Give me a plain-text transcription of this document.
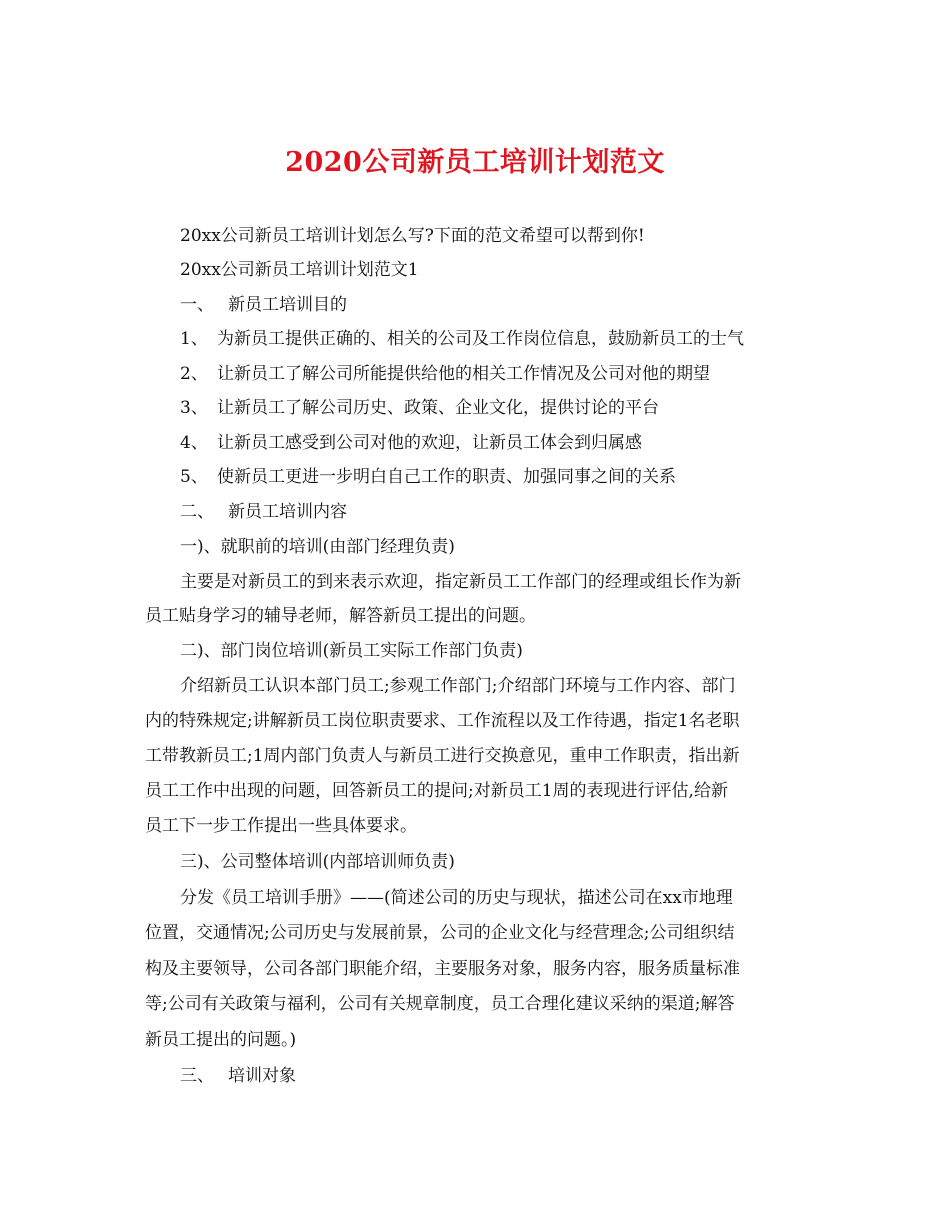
2020公司新员工培训计划范文
20xx公司新员工培训计划怎么写?下面的范文希望可以帮到你!
20xx公司新员工培训计划范文1
一、 新员工培训目的
1、 为新员工提供正确的、相关的公司及工作岗位信息，鼓励新员工的士气
2、 让新员工了解公司所能提供给他的相关工作情况及公司对他的期望
3、 让新员工了解公司历史、政策、企业文化，提供讨论的平台
4、 让新员工感受到公司对他的欢迎，让新员工体会到归属感
5、 使新员工更进一步明白自己工作的职责、加强同事之间的关系
二、 新员工培训内容
一)、就职前的培训(由部门经理负责)
主要是对新员工的到来表示欢迎，指定新员工工作部门的经理或组长作为新
员工贴身学习的辅导老师，解答新员工提出的问题。
二)、部门岗位培训(新员工实际工作部门负责)
介绍新员工认识本部门员工;参观工作部门;介绍部门环境与工作内容、部门
内的特殊规定;讲解新员工岗位职责要求、工作流程以及工作待遇，指定1名老职
工带教新员工;1周内部门负责人与新员工进行交换意见，重申工作职责，指出新
员工工作中出现的问题，回答新员工的提问;对新员工1周的表现进行评估,给新
员工下一步工作提出一些具体要求。
三)、公司整体培训(内部培训师负责)
分发《员工培训手册》——(简述公司的历史与现状，描述公司在xx市地理
位置，交通情况;公司历史与发展前景，公司的企业文化与经营理念;公司组织结
构及主要领导，公司各部门职能介绍，主要服务对象，服务内容，服务质量标准
等;公司有关政策与福利，公司有关规章制度，员工合理化建议采纳的渠道;解答
新员工提出的问题。)
三、 培训对象
